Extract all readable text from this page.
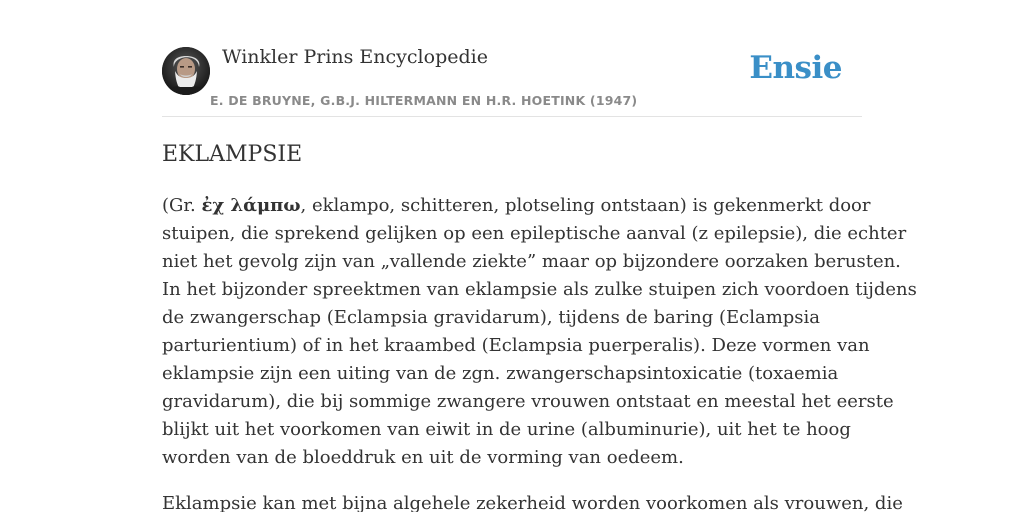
Winkler Prins Encyclopedie
E. DE BRUYNE, G.B.J. HILTERMANN EN H.R. HOETINK (1947)
Ensie
EKLAMPSIE
(Gr. ἐχ λάμπω, eklampo, schitteren, plotseling ontstaan) is gekenmerkt door
stuipen, die sprekend gelijken op een epileptische aanval (z epilepsie), die echter
niet het gevolg zijn van „vallende ziekte” maar op bijzondere oorzaken berusten.
In het bijzonder spreektmen van eklampsie als zulke stuipen zich voordoen tijdens
de zwangerschap (Eclampsia gravidarum), tijdens de baring (Eclampsia
parturientium) of in het kraambed (Eclampsia puerperalis). Deze vormen van
eklampsie zijn een uiting van de zgn. zwangerschapsintoxicatie (toxaemia
gravidarum), die bij sommige zwangere vrouwen ontstaat en meestal het eerste
blijkt uit het voorkomen van eiwit in de urine (albuminurie), uit het te hoog
worden van de bloeddruk en uit de vorming van oedeem.
Eklampsie kan met bijna algehele zekerheid worden voorkomen als vrouwen, die
